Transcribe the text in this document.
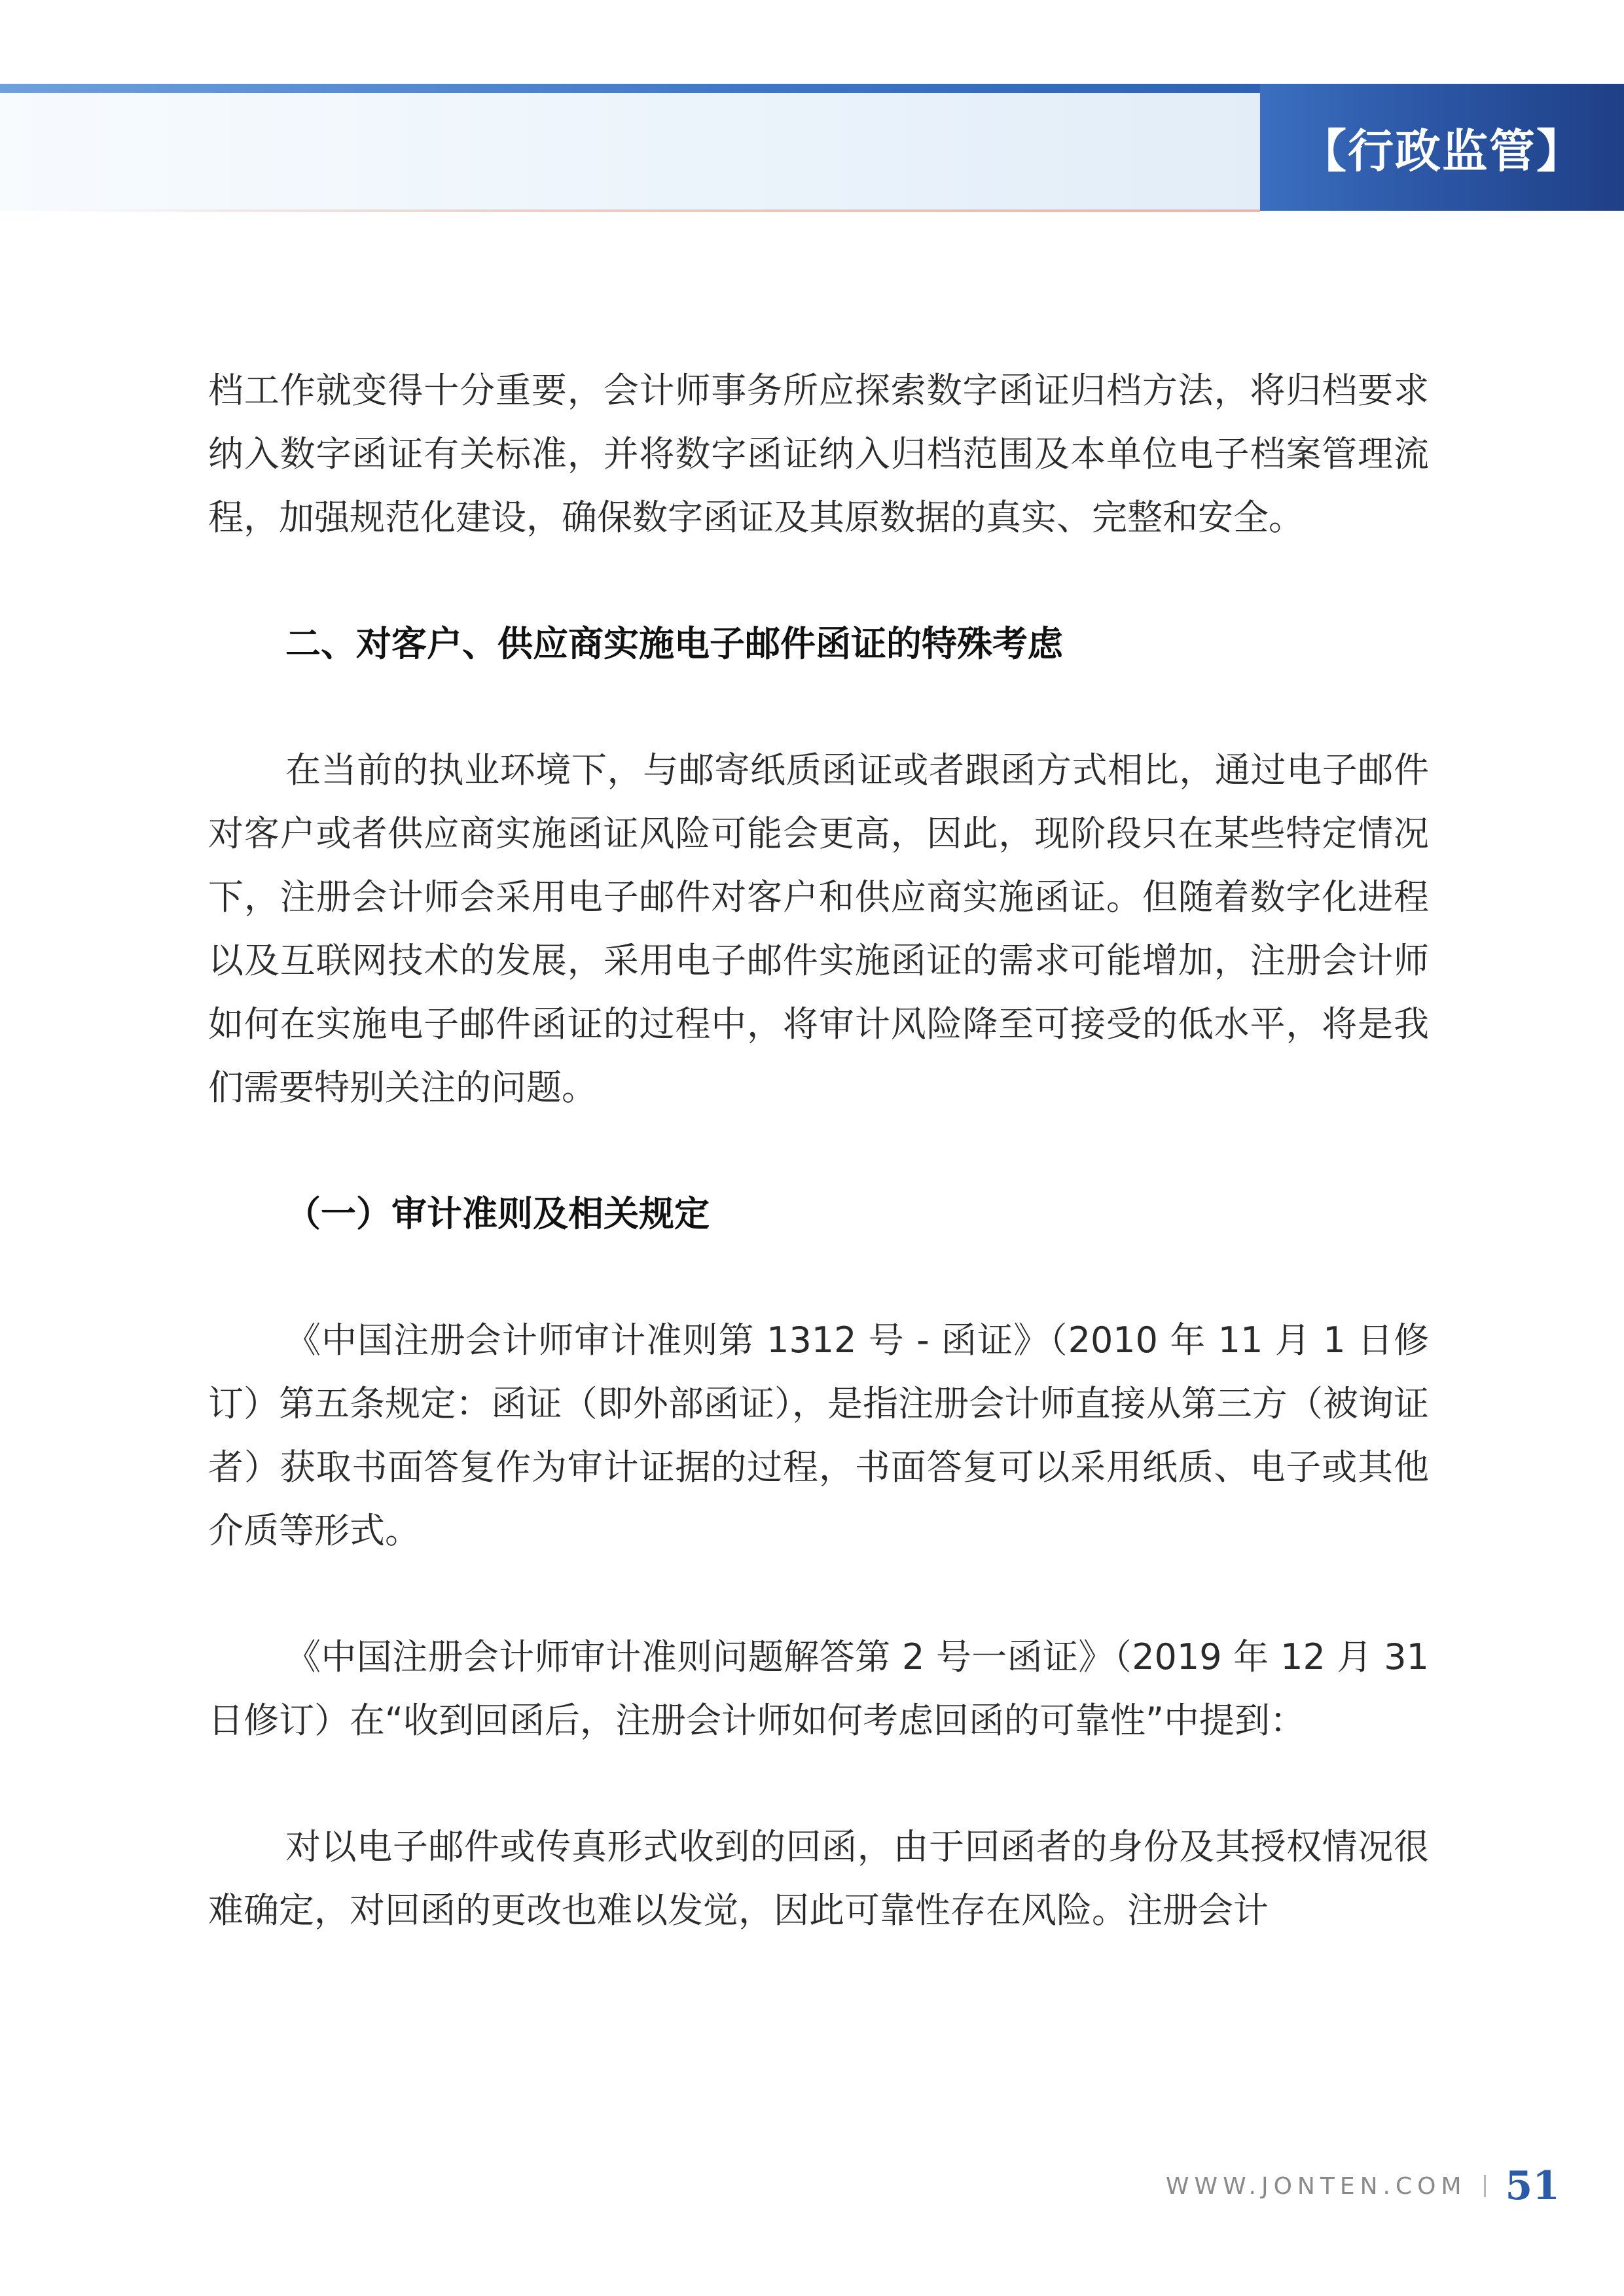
【行政监管】

档工作就变得十分重要，会计师事务所应探索数字函证归档方法，将归档要求纳入数字函证有关标准，并将数字函证纳入归档范围及本单位电子档案管理流程，加强规范化建设，确保数字函证及其原数据的真实、完整和安全。

二、对客户、供应商实施电子邮件函证的特殊考虑

在当前的执业环境下，与邮寄纸质函证或者跟函方式相比，通过电子邮件对客户或者供应商实施函证风险可能会更高，因此，现阶段只在某些特定情况下，注册会计师会采用电子邮件对客户和供应商实施函证。但随着数字化进程以及互联网技术的发展，采用电子邮件实施函证的需求可能增加，注册会计师如何在实施电子邮件函证的过程中，将审计风险降至可接受的低水平，将是我们需要特别关注的问题。

（一）审计准则及相关规定

《中国注册会计师审计准则第 1312 号 - 函证》（2010 年 11 月 1 日修订）第五条规定：函证（即外部函证），是指注册会计师直接从第三方（被询证者）获取书面答复作为审计证据的过程，书面答复可以采用纸质、电子或其他介质等形式。

《中国注册会计师审计准则问题解答第 2 号一函证》（2019 年 12 月 31 日修订）在“收到回函后，注册会计师如何考虑回函的可靠性”中提到：

对以电子邮件或传真形式收到的回函，由于回函者的身份及其授权情况很难确定，对回函的更改也难以发觉，因此可靠性存在风险。注册会计

WWW.JONTEN.COM 51
